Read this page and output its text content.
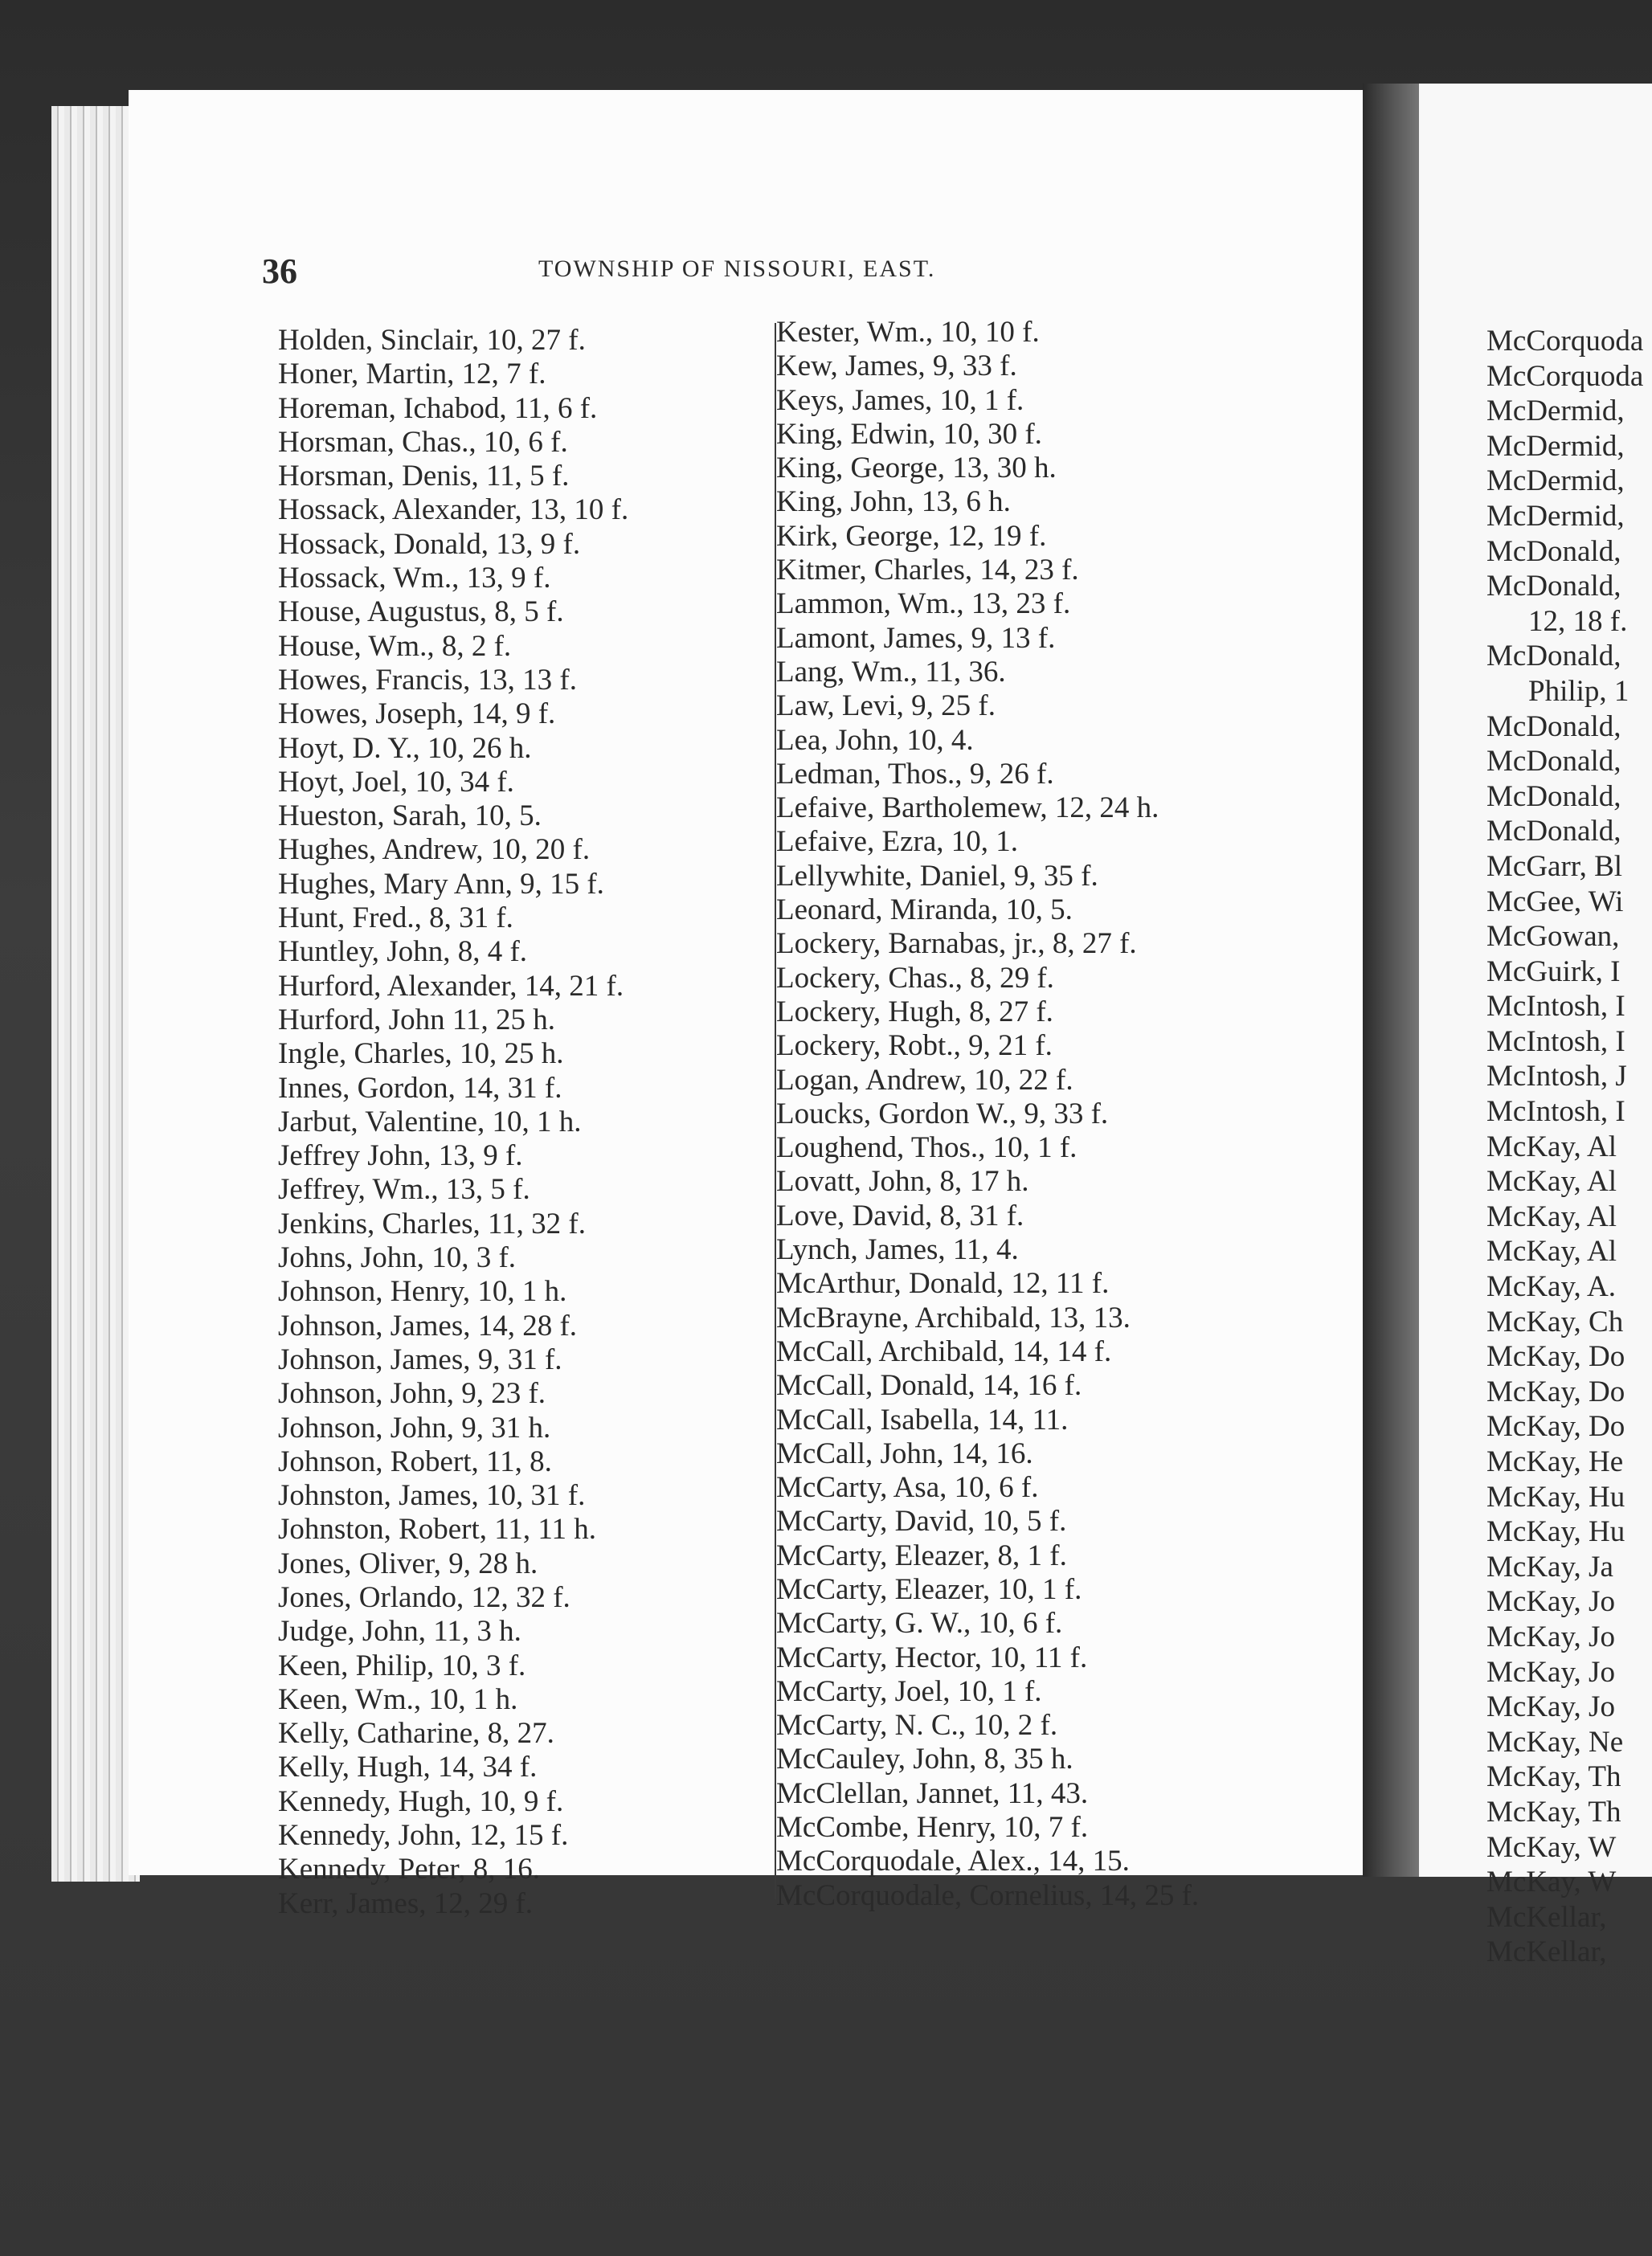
McCorquoda
McCorquoda
McDermid,
McDermid,
McDermid,
McDermid,
McDonald,
McDonald,
12, 18 f.
McDonald,
Philip, 1
McDonald,
McDonald,
McDonald,
McDonald,
McGarr, Bl
McGee, Wi
McGowan,
McGuirk, I
McIntosh, I
McIntosh, I
McIntosh, J
McIntosh, I
McKay, Al
McKay, Al
McKay, Al
McKay, Al
McKay, A.
McKay, Ch
McKay, Do
McKay, Do
McKay, Do
McKay, He
McKay, Hu
McKay, Hu
McKay, Ja
McKay, Jo
McKay, Jo
McKay, Jo
McKay, Jo
McKay, Ne
McKay, Th
McKay, Th
McKay, W
McKay, W
McKellar,
McKellar,
36	TOWNSHIP OF NISSOURI, EAST.
Holden, Sinclair, 10, 27 f.
Honer, Martin, 12, 7 f.
Horeman, Ichabod, 11, 6 f.
Horsman, Chas., 10, 6 f.
Horsman, Denis, 11, 5 f.
Hossack, Alexander, 13, 10 f.
Hossack, Donald, 13, 9 f.
Hossack, Wm., 13, 9 f.
House, Augustus, 8, 5 f.
House, Wm., 8, 2 f.
Howes, Francis, 13, 13 f.
Howes, Joseph, 14, 9 f.
Hoyt, D. Y., 10, 26 h.
Hoyt, Joel, 10, 34 f.
Hueston, Sarah, 10, 5.
Hughes, Andrew, 10, 20 f.
Hughes, Mary Ann, 9, 15 f.
Hunt, Fred., 8, 31 f.
Huntley, John, 8, 4 f.
Hurford, Alexander, 14, 21 f.
Hurford, John 11, 25 h.
Ingle, Charles, 10, 25 h.
Innes, Gordon, 14, 31 f.
Jarbut, Valentine, 10, 1 h.
Jeffrey John, 13, 9 f.
Jeffrey, Wm., 13, 5 f.
Jenkins, Charles, 11, 32 f.
Johns, John, 10, 3 f.
Johnson, Henry, 10, 1 h.
Johnson, James, 14, 28 f.
Johnson, James, 9, 31 f.
Johnson, John, 9, 23 f.
Johnson, John, 9, 31 h.
Johnson, Robert, 11, 8.
Johnston, James, 10, 31 f.
Johnston, Robert, 11, 11 h.
Jones, Oliver, 9, 28 h.
Jones, Orlando, 12, 32 f.
Judge, John, 11, 3 h.
Keen, Philip, 10, 3 f.
Keen, Wm., 10, 1 h.
Kelly, Catharine, 8, 27.
Kelly, Hugh, 14, 34 f.
Kennedy, Hugh, 10, 9 f.
Kennedy, John, 12, 15 f.
Kennedy, Peter, 8, 16.
Kerr, James, 12, 29 f.
Kester, Wm., 10, 10 f.
Kew, James, 9, 33 f.
Keys, James, 10, 1 f.
King, Edwin, 10, 30 f.
King, George, 13, 30 h.
King, John, 13, 6 h.
Kirk, George, 12, 19 f.
Kitmer, Charles, 14, 23 f.
Lammon, Wm., 13, 23 f.
Lamont, James, 9, 13 f.
Lang, Wm., 11, 36.
Law, Levi, 9, 25 f.
Lea, John, 10, 4.
Ledman, Thos., 9, 26 f.
Lefaive, Bartholemew, 12, 24 h.
Lefaive, Ezra, 10, 1.
Lellywhite, Daniel, 9, 35 f.
Leonard, Miranda, 10, 5.
Lockery, Barnabas, jr., 8, 27 f.
Lockery, Chas., 8, 29 f.
Lockery, Hugh, 8, 27 f.
Lockery, Robt., 9, 21 f.
Logan, Andrew, 10, 22 f.
Loucks, Gordon W., 9, 33 f.
Loughend, Thos., 10, 1 f.
Lovatt, John, 8, 17 h.
Love, David, 8, 31 f.
Lynch, James, 11, 4.
McArthur, Donald, 12, 11 f.
McBrayne, Archibald, 13, 13.
McCall, Archibald, 14, 14 f.
McCall, Donald, 14, 16 f.
McCall, Isabella, 14, 11.
McCall, John, 14, 16.
McCarty, Asa, 10, 6 f.
McCarty, David, 10, 5 f.
McCarty, Eleazer, 8, 1 f.
McCarty, Eleazer, 10, 1 f.
McCarty, G. W., 10, 6 f.
McCarty, Hector, 10, 11 f.
McCarty, Joel, 10, 1 f.
McCarty, N. C., 10, 2 f.
McCauley, John, 8, 35 h.
McClellan, Jannet, 11, 43.
McCombe, Henry, 10, 7 f.
McCorquodale, Alex., 14, 15.
McCorquodale, Cornelius, 14, 25 f.
